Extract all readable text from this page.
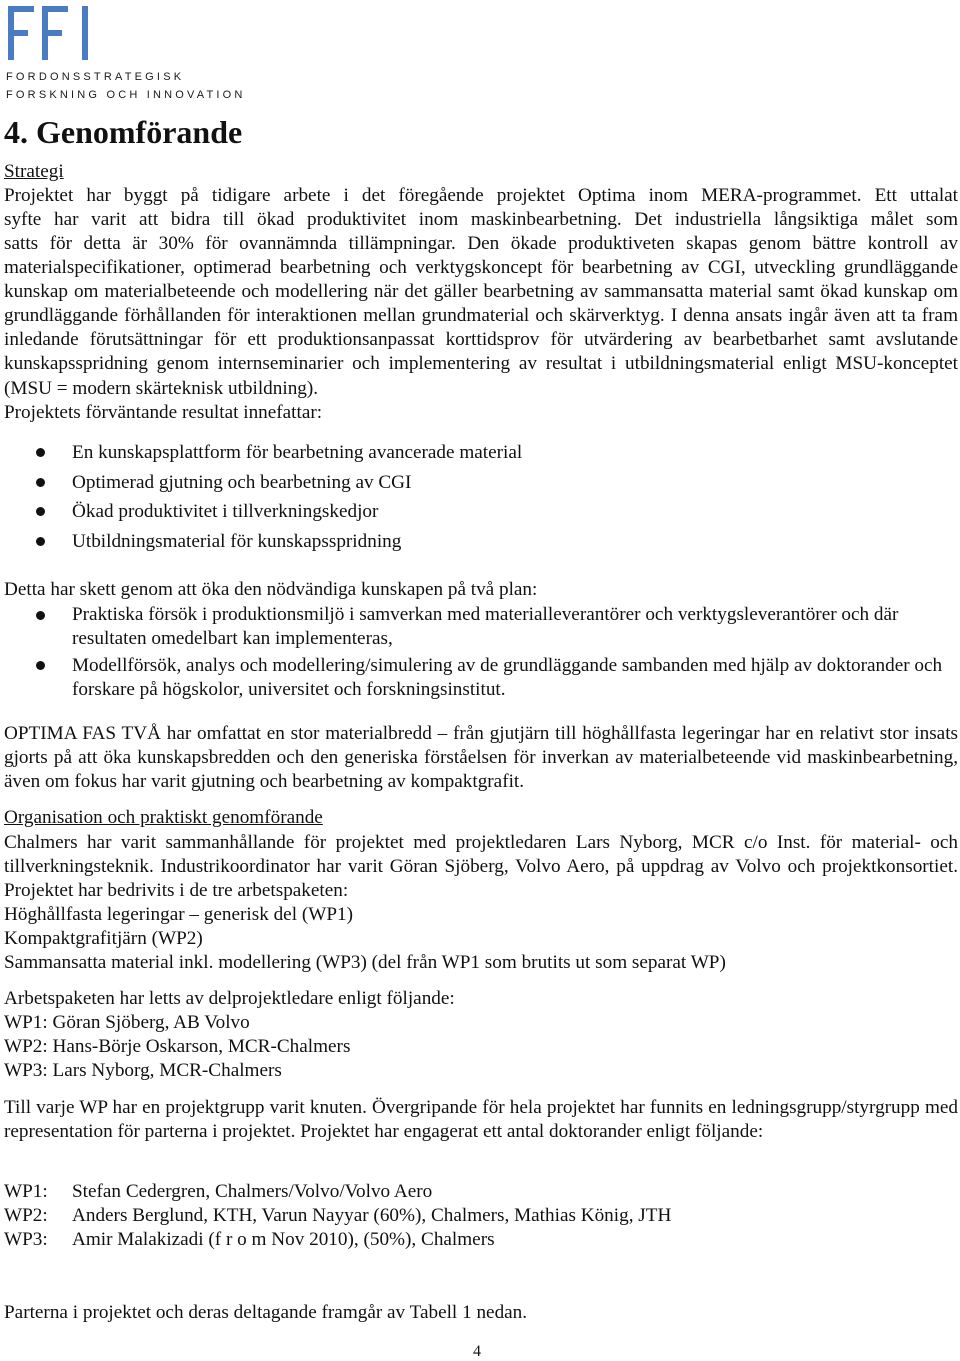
FORDONSSTRATEGISK
FORSKNING OCH INNOVATION
4. Genomförande
Strategi
Projektet har byggt på tidigare arbete i det föregående projektet Optima inom MERA-programmet. Ett uttalat
syfte har varit att bidra till ökad produktivitet inom maskinbearbetning. Det industriella långsiktiga målet som
satts för detta är 30% för ovannämnda tillämpningar. Den ökade produktiveten skapas genom bättre kontroll av materialspecifikationer, optimerad bearbetning och verktygskoncept för bearbetning av CGI, utveckling grundläggande kunskap om materialbeteende och modellering när det gäller bearbetning av sammansatta material samt ökad kunskap om grundläggande förhållanden för interaktionen mellan grundmaterial och skärverktyg. I denna ansats ingår även att ta fram inledande förutsättningar för ett produktionsanpassat korttidsprov för utvärdering av bearbetbarhet samt avslutande kunskapsspridning genom internseminarier och implementering av resultat i utbildningsmaterial enligt MSU-konceptet (MSU = modern skärteknisk utbildning).
Projektets förväntande resultat innefattar:
En kunskapsplattform för bearbetning avancerade material
Optimerad gjutning och bearbetning av CGI
Ökad produktivitet i tillverkningskedjor
Utbildningsmaterial för kunskapsspridning
Detta har skett genom att öka den nödvändiga kunskapen på två plan:
Praktiska försök i produktionsmiljö i samverkan med materialleverantörer och verktygsleverantörer och där resultaten omedelbart kan implementeras,
Modellförsök, analys och modellering/simulering av de grundläggande sambanden med hjälp av doktorander och forskare på högskolor, universitet och forskningsinstitut.
OPTIMA FAS TVÅ har omfattat en stor materialbredd – från gjutjärn till höghållfasta legeringar har en relativt stor insats gjorts på att öka kunskapsbredden och den generiska förståelsen för inverkan av materialbeteende vid maskinbearbetning, även om fokus har varit gjutning och bearbetning av kompaktgrafit.
Organisation och praktiskt genomförande
Chalmers har varit sammanhållande för projektet med projektledaren Lars Nyborg, MCR c/o Inst. för material- och tillverkningsteknik. Industrikoordinator har varit Göran Sjöberg, Volvo Aero, på uppdrag av Volvo och projektkonsortiet. Projektet har bedrivits i de tre arbetspaketen:
Höghållfasta legeringar – generisk del (WP1)
Kompaktgrafitjärn (WP2)
Sammansatta material inkl. modellering (WP3) (del från WP1 som brutits ut som separat WP)
Arbetspaketen har letts av delprojektledare enligt följande:
WP1: Göran Sjöberg, AB Volvo
WP2: Hans-Börje Oskarson, MCR-Chalmers
WP3: Lars Nyborg, MCR-Chalmers
Till varje WP har en projektgrupp varit knuten. Övergripande för hela projektet har funnits en ledningsgrupp/styrgrupp med representation för parterna i projektet. Projektet har engagerat ett antal doktorander enligt följande:
WP1: Stefan Cedergren, Chalmers/Volvo/Volvo Aero
WP2: Anders Berglund, KTH, Varun Nayyar (60%), Chalmers, Mathias König, JTH
WP3: Amir Malakizadi (f r o m Nov 2010), (50%), Chalmers
Parterna i projektet och deras deltagande framgår av Tabell 1 nedan.
4
